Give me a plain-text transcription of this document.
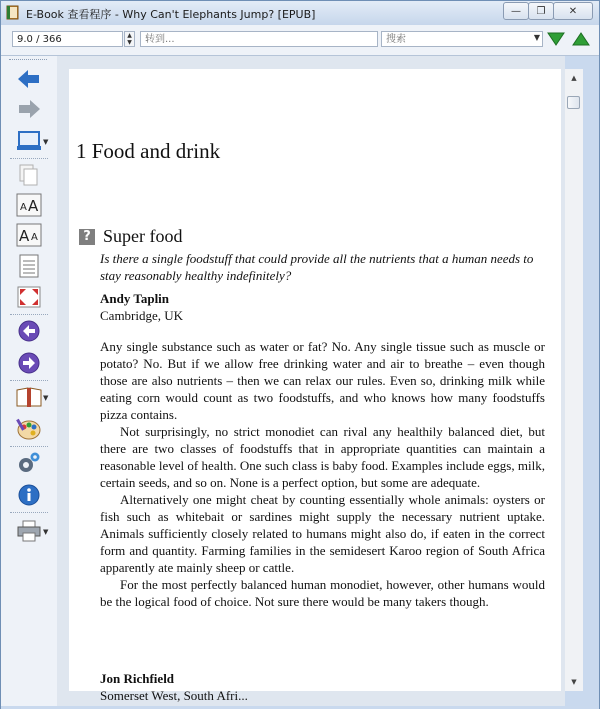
E-Book 查看程序 - Why Can't Elephants Jump? [EPUB]	—	❐	✕
9.0 / 366	▲
▼
转到...
搜索
▼
▼
A A
A A
▼
▼
1 Food and drink
? Super food
Is there a single foodstuff that could provide all the nutrients that a human needs to stay reasonably healthy indefinitely?
Andy Taplin
Cambridge, UK

Any single substance such as water or fat? No. Any single tissue such as muscle or potato? No. But if we allow free drinking water and air to breathe – even though those are also nutrients – then we can relax our rules. Even so, drinking milk while eating corn would count as two foodstuffs, and who knows how many foodstuffs pizza contains.

Not surprisingly, no strict monodiet can rival any healthily balanced diet, but there are two classes of foodstuffs that in appropriate quantities can maintain a reasonable level of health. One such class is baby food. Examples include eggs, milk, certain seeds, and so on. None is a perfect option, but some are adequate.

Alternatively one might cheat by counting essentially whole animals: oysters or fish such as whitebait or sardines might supply the necessary nutrient uptake. Animals sufficiently closely related to humans might also do, if eaten in the correct form and quantity. Farming families in the semidesert Karoo region of South Africa apparently ate mainly sheep or cattle.

For the most perfectly balanced human monodiet, however, other humans would be the logical food of choice. Not sure there would be many takers though.

Jon Richfield
Somerset West, South Afri...
▲
▼
